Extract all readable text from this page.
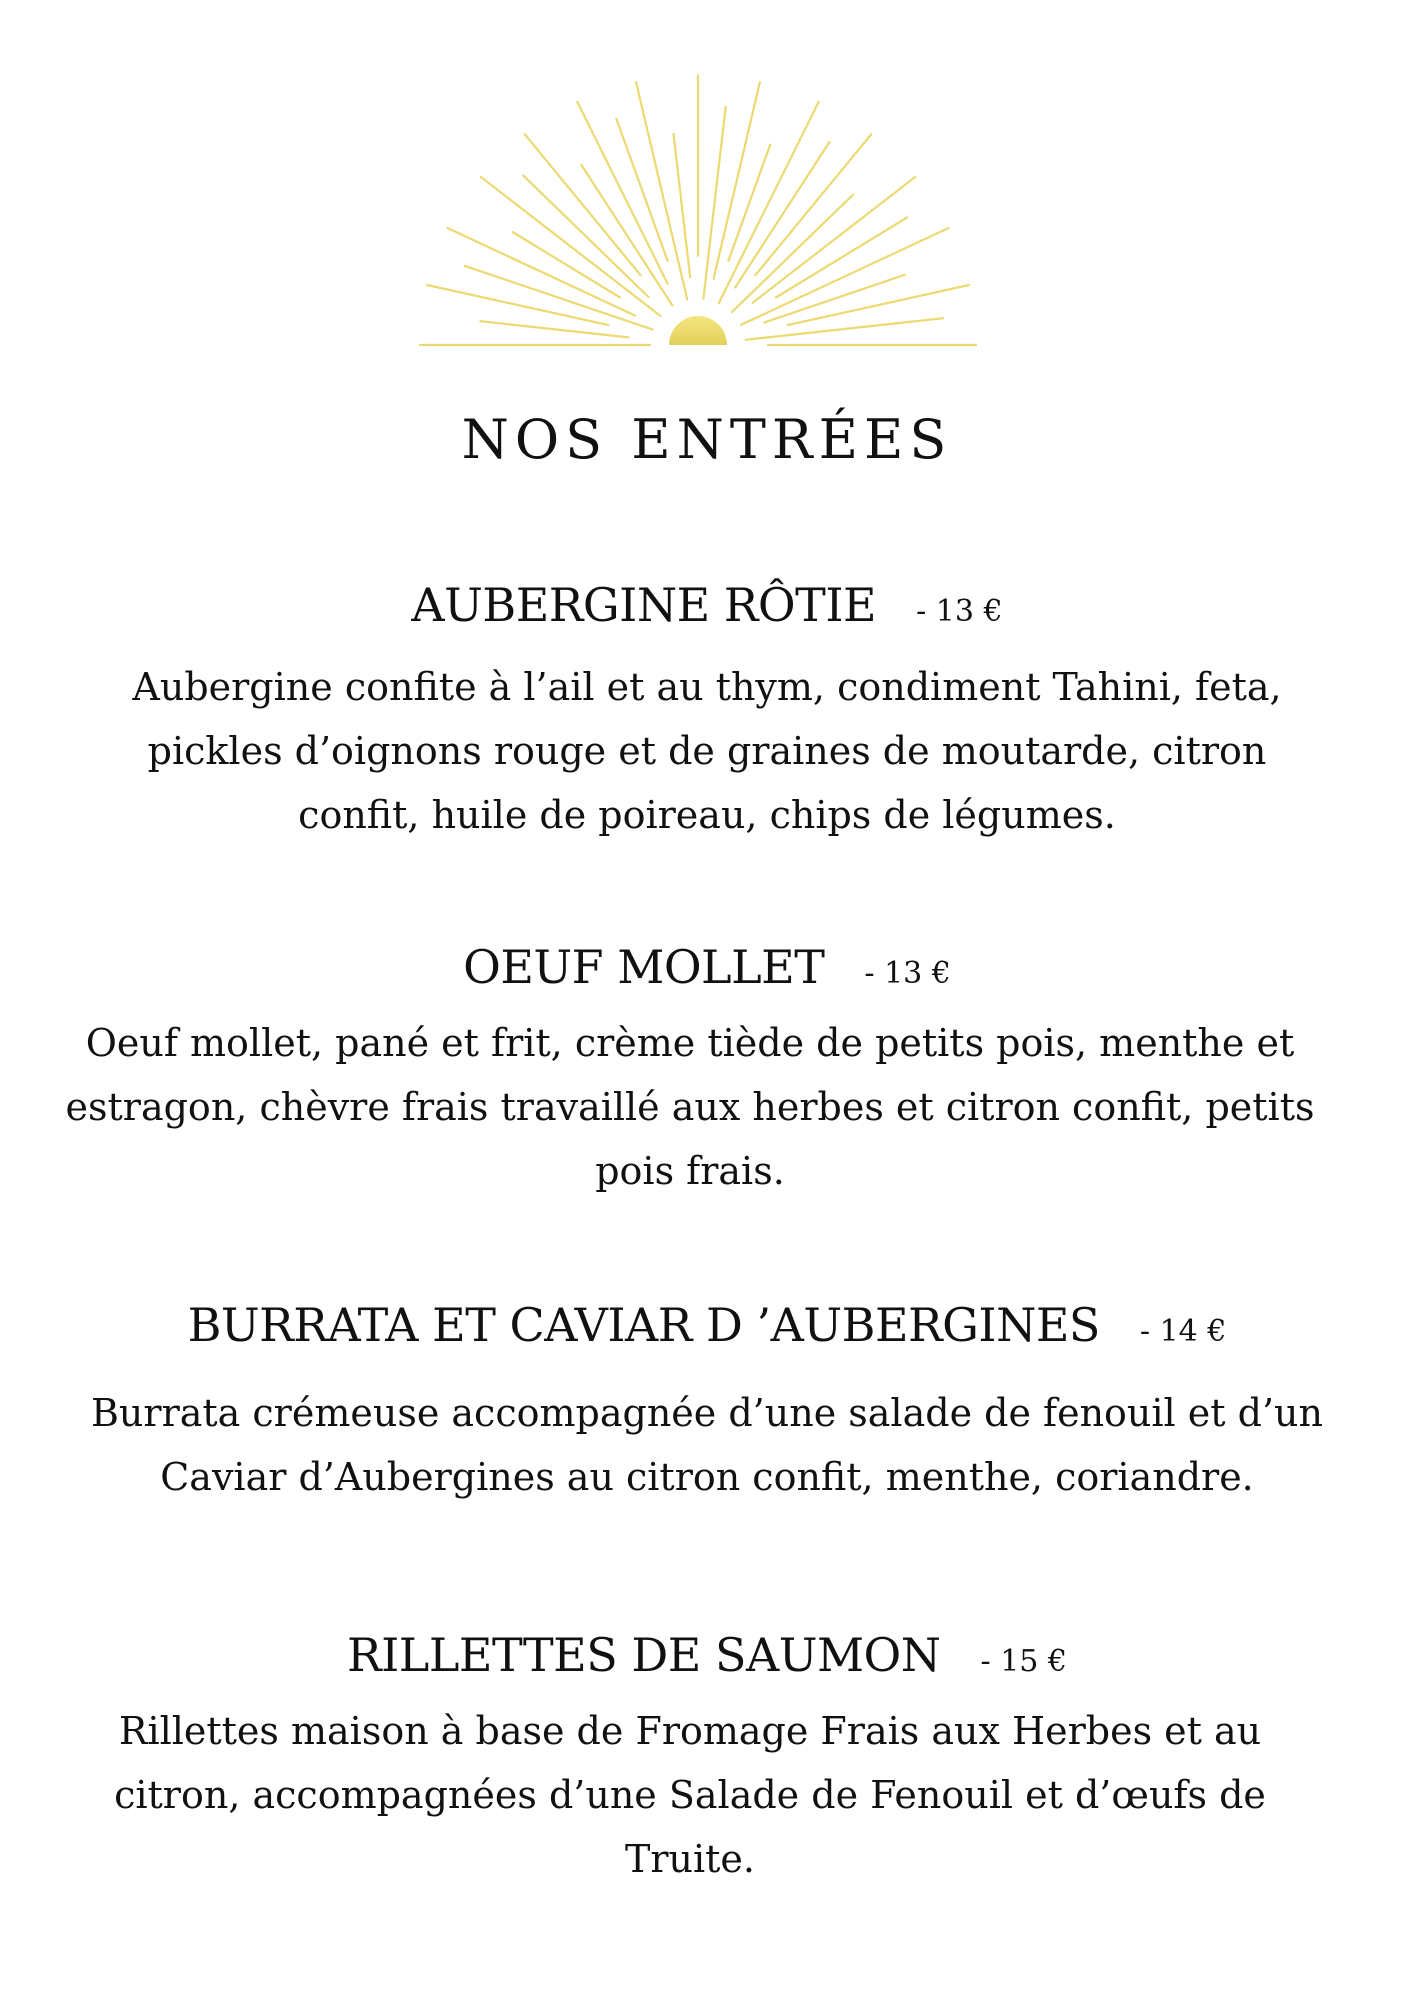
NOS ENTRÉES
AUBERGINE RÔTIE - 13 €
Aubergine confite à l’ail et au thym, condiment Tahini, feta, pickles d’oignons rouge et de graines de moutarde, citron confit, huile de poireau, chips de légumes.
OEUF MOLLET - 13 €
Oeuf mollet, pané et frit, crème tiède de petits pois, menthe et estragon, chèvre frais travaillé aux herbes et citron confit, petits pois frais.
BURRATA ET CAVIAR D ’AUBERGINES - 14 €
Burrata crémeuse accompagnée d’une salade de fenouil et d’un Caviar d’Aubergines au citron confit, menthe, coriandre.
RILLETTES DE SAUMON - 15 €
Rillettes maison à base de Fromage Frais aux Herbes et au citron, accompagnées d’une Salade de Fenouil et d’œufs de Truite.
